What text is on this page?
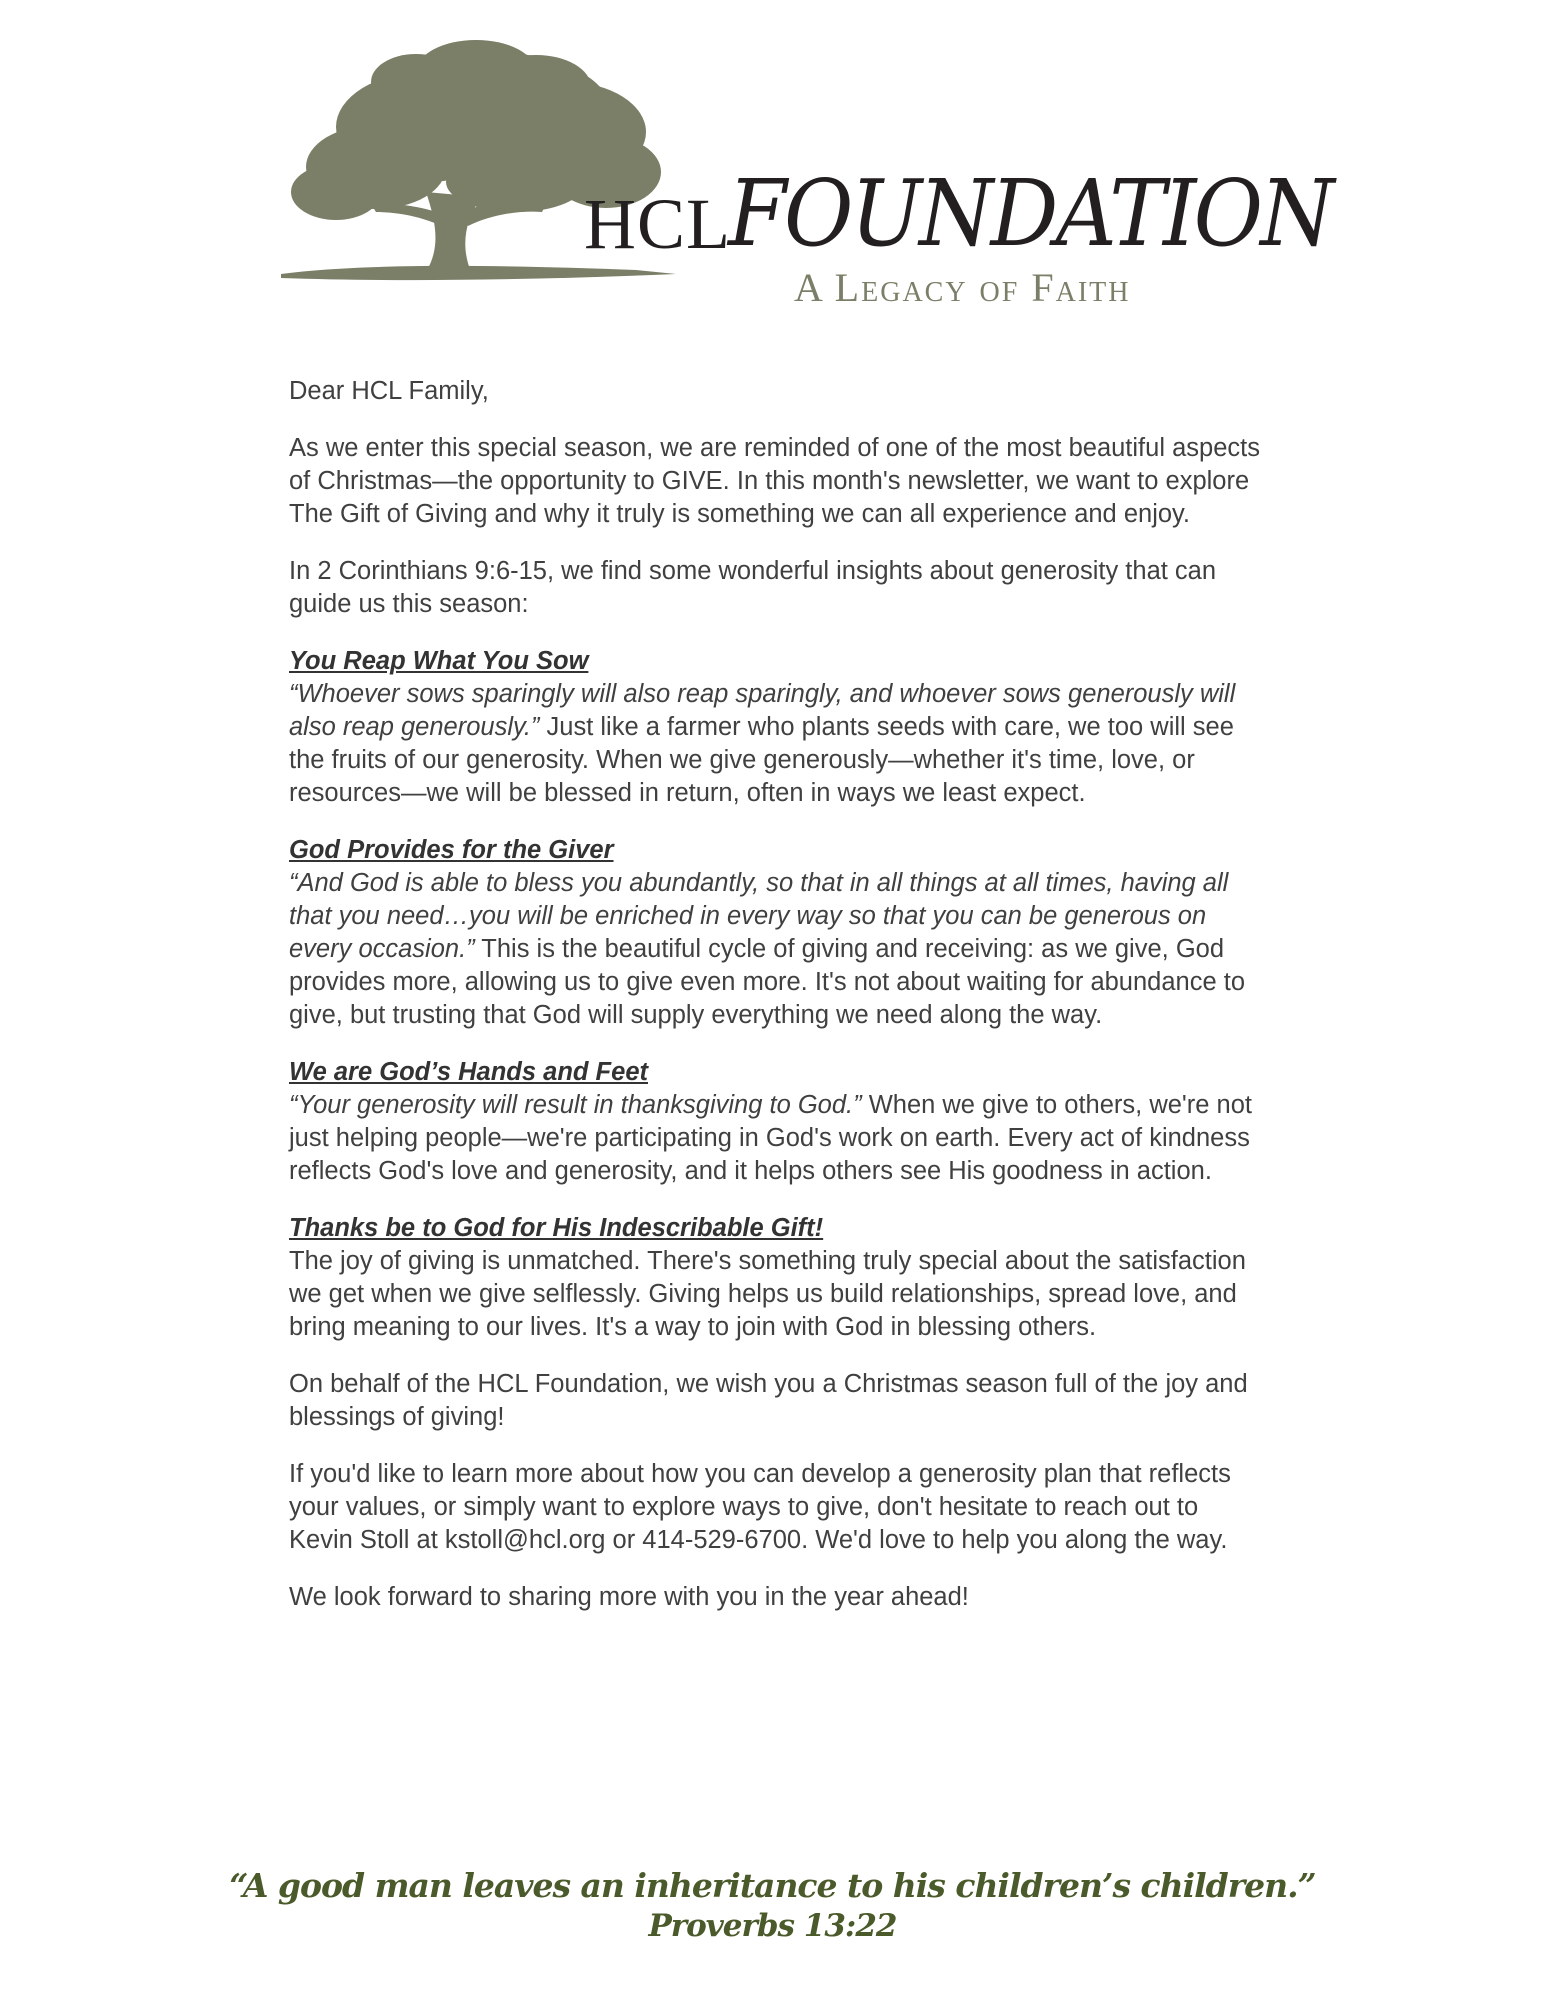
HCL
FOUNDATION
A Legacy of Faith

Dear HCL Family,

As we enter this special season, we are reminded of one of the most beautiful aspects of Christmas—the opportunity to GIVE. In this month's newsletter, we want to explore The Gift of Giving and why it truly is something we can all experience and enjoy.

In 2 Corinthians 9:6-15, we find some wonderful insights about generosity that can guide us this season:

You Reap What You Sow
“Whoever sows sparingly will also reap sparingly, and whoever sows generously will also reap generously.” Just like a farmer who plants seeds with care, we too will see the fruits of our generosity. When we give generously—whether it's time, love, or resources—we will be blessed in return, often in ways we least expect.
God Provides for the Giver
“And God is able to bless you abundantly, so that in all things at all times, having all that you need…you will be enriched in every way so that you can be generous on every occasion.” This is the beautiful cycle of giving and receiving: as we give, God provides more, allowing us to give even more. It's not about waiting for abundance to give, but trusting that God will supply everything we need along the way.
We are God’s Hands and Feet
“Your generosity will result in thanksgiving to God.” When we give to others, we're not just helping people—we're participating in God's work on earth. Every act of kindness reflects God's love and generosity, and it helps others see His goodness in action.
Thanks be to God for His Indescribable Gift!
The joy of giving is unmatched. There's something truly special about the satisfaction we get when we give selflessly. Giving helps us build relationships, spread love, and bring meaning to our lives. It's a way to join with God in blessing others.

On behalf of the HCL Foundation, we wish you a Christmas season full of the joy and blessings of giving!

If you'd like to learn more about how you can develop a generosity plan that reflects your values, or simply want to explore ways to give, don't hesitate to reach out to Kevin Stoll at kstoll@hcl.org or 414-529-6700. We'd love to help you along the way.

We look forward to sharing more with you in the year ahead!

“A good man leaves an inheritance to his children’s children.”
Proverbs 13:22
